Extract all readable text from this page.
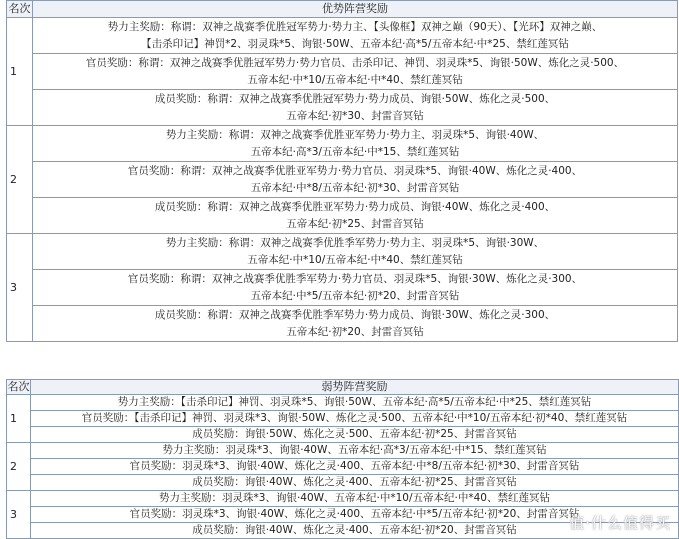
名次	优势阵营奖励
1	势力主奖励：称谓：双神之战赛季优胜冠军势力·势力主、【头像框】双神之巅（90天）、【光环】双神之巅、
【击杀印记】神罚*2、羽灵珠*5、询银·50W、五帝本纪·高*5/五帝本纪·中*25、禁红莲冥钻

	官员奖励：称谓：双神之战赛季优胜冠军势力·势力官员、击杀印记、神罚、羽灵珠*5、询银·50W、炼化之灵·500、
五帝本纪·中*10/五帝本纪·中*40、禁红莲冥钻

	成员奖励：称谓：双神之战赛季优胜冠军势力·势力成员、询银·50W、炼化之灵·500、
五帝本纪·初*30、封雷音冥钻

2	势力主奖励：称谓：双神之战赛季优胜亚军势力·势力主、羽灵珠*5、询银·40W、
五帝本纪·高*3/五帝本纪·中*15、禁红莲冥钻

	官员奖励：称谓：双神之战赛季优胜亚军势力·势力官员、羽灵珠*5、询银·40W、炼化之灵·400、
五帝本纪·中*8/五帝本纪·初*30、封雷音冥钻

	成员奖励：称谓：双神之战赛季优胜亚军势力·势力成员、询银·40W、炼化之灵·400、
五帝本纪·初*25、封雷音冥钻

3	势力主奖励：称谓：双神之战赛季优胜季军势力·势力主、羽灵珠*5、询银·30W、
五帝本纪·中*10/五帝本纪·中*40、禁红莲冥钻

	官员奖励：称谓：双神之战赛季优胜季军势力·势力官员、羽灵珠*5、询银·30W、炼化之灵·300、
五帝本纪·中*5/五帝本纪·初*20、封雷音冥钻

	成员奖励：称谓：双神之战赛季优胜季军势力·势力成员、询银·30W、炼化之灵·300、
五帝本纪·初*20、封雷音冥钻
名次	弱势阵营奖励
1	势力主奖励：【击杀印记】神罚、羽灵珠*5、询银·50W、五帝本纪·高*5/五帝本纪·中*25、禁红莲冥钻
	官员奖励：【击杀印记】神罚、羽灵珠*3、询银·50W、炼化之灵·500、五帝本纪·中*10/五帝本纪·初*40、禁红莲冥钻
	成员奖励：询银·50W、炼化之灵·500、五帝本纪·初*25、封雷音冥钻
2	势力主奖励：羽灵珠*3、询银·40W、五帝本纪·高*3/五帝本纪·中*15、禁红莲冥钻
	官员奖励：羽灵珠*3、询银·40W、炼化之灵·400、五帝本纪·中*8/五帝本纪·初*30、封雷音冥钻
	成员奖励：询银·40W、炼化之灵·400、五帝本纪·初*25、封雷音冥钻
3	势力主奖励：羽灵珠*3、询银·40W、五帝本纪·中*10/五帝本纪·中*40、禁红莲冥钻
	官员奖励：羽灵珠*3、询银·40W、炼化之灵·400、五帝本纪·中*5/五帝本纪·初*20、封雷音冥钻
	成员奖励：询银·40W、炼化之灵·400、五帝本纪·初*20、封雷音冥钻	值·什么值得买
